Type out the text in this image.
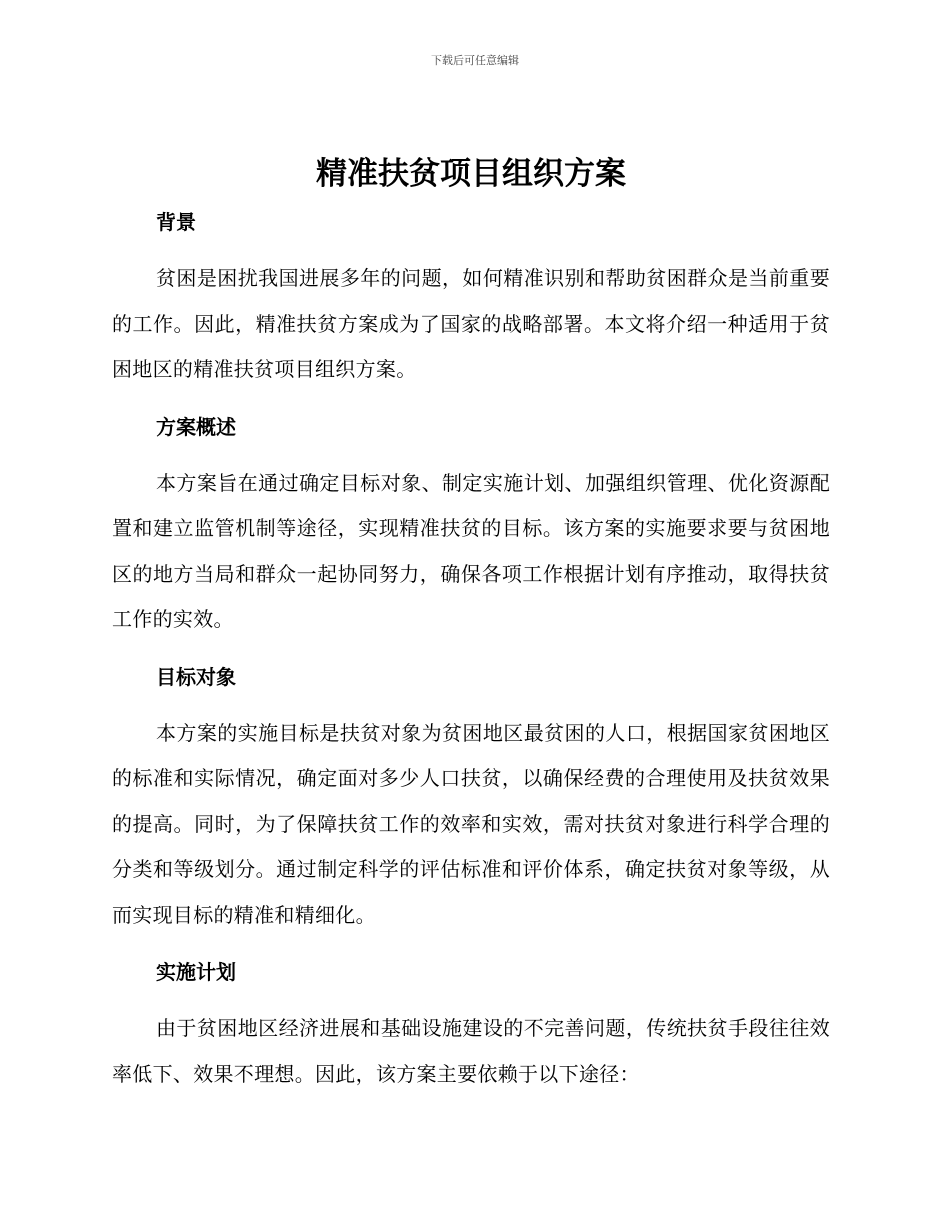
下载后可任意编辑
精准扶贫项目组织方案
背景

贫困是困扰我国进展多年的问题，如何精准识别和帮助贫困群众是当前重要的工作。因此，精准扶贫方案成为了国家的战略部署。本文将介绍一种适用于贫困地区的精准扶贫项目组织方案。

方案概述

本方案旨在通过确定目标对象、制定实施计划、加强组织管理、优化资源配置和建立监管机制等途径，实现精准扶贫的目标。该方案的实施要求要与贫困地区的地方当局和群众一起协同努力，确保各项工作根据计划有序推动，取得扶贫工作的实效。

目标对象

本方案的实施目标是扶贫对象为贫困地区最贫困的人口，根据国家贫困地区的标准和实际情况，确定面对多少人口扶贫，以确保经费的合理使用及扶贫效果的提高。同时，为了保障扶贫工作的效率和实效，需对扶贫对象进行科学合理的分类和等级划分。通过制定科学的评估标准和评价体系，确定扶贫对象等级，从而实现目标的精准和精细化。

实施计划

由于贫困地区经济进展和基础设施建设的不完善问题，传统扶贫手段往往效率低下、效果不理想。因此，该方案主要依赖于以下途径：
